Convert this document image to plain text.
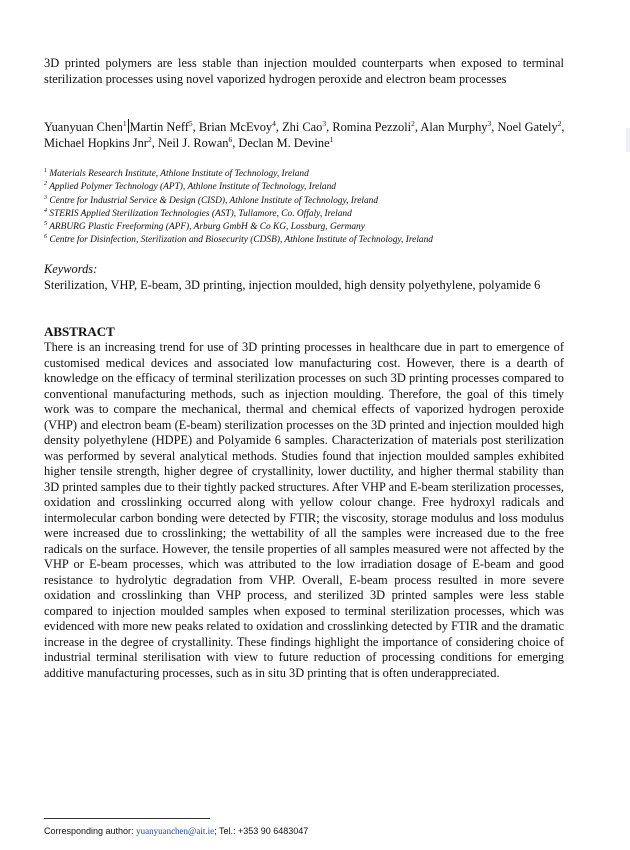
3D printed polymers are less stable than injection moulded counterparts when exposed to terminal sterilization processes using novel vaporized hydrogen peroxide and electron beam processes
Yuanyuan Chen$^1$ Martin Neff$^5$, Brian McEvoy$^4$, Zhi Cao$^3$, Romina Pezzoli$^2$, Alan Murphy$^3$, Noel Gately$^2$, Michael Hopkins Jnr$^2$, Neil J. Rowan$^6$, Declan M. Devine$^1$
$^1$ Materials Research Institute, Athlone Institute of Technology, Ireland
$^2$ Applied Polymer Technology (APT), Athlone Institute of Technology, Ireland
$^3$ Centre for Industrial Service & Design (CISD), Athlone Institute of Technology, Ireland
$^4$ STERIS Applied Sterilization Technologies (AST), Tullamore, Co. Offaly, Ireland
$^5$ ARBURG Plastic Freeforming (APF), Arburg GmbH & Co KG, Lossburg, Germany
$^6$ Centre for Disinfection, Sterilization and Biosecurity (CDSB), Athlone Institute of Technology, Ireland
Keywords:
Sterilization, VHP, E-beam, 3D printing, injection moulded, high density polyethylene, polyamide 6
ABSTRACT
There is an increasing trend for use of 3D printing processes in healthcare due in part to emergence of customised medical devices and associated low manufacturing cost. However, there is a dearth of knowledge on the efficacy of terminal sterilization processes on such 3D printing processes compared to conventional manufacturing methods, such as injection moulding. Therefore, the goal of this timely work was to compare the mechanical, thermal and chemical effects of vaporized hydrogen peroxide (VHP) and electron beam (E-beam) sterilization processes on the 3D printed and injection moulded high density polyethylene (HDPE) and Polyamide 6 samples. Characterization of materials post sterilization was performed by several analytical methods. Studies found that injection moulded samples exhibited higher tensile strength, higher degree of crystallinity, lower ductility, and higher thermal stability than 3D printed samples due to their tightly packed structures. After VHP and E-beam sterilization processes, oxidation and crosslinking occurred along with yellow colour change. Free hydroxyl radicals and intermolecular carbon bonding were detected by FTIR; the viscosity, storage modulus and loss modulus were increased due to crosslinking; the wettability of all the samples were increased due to the free radicals on the surface. However, the tensile properties of all samples measured were not affected by the VHP or E-beam processes, which was attributed to the low irradiation dosage of E-beam and good resistance to hydrolytic degradation from VHP. Overall, E-beam process resulted in more severe oxidation and crosslinking than VHP process, and sterilized 3D printed samples were less stable compared to injection moulded samples when exposed to terminal sterilization processes, which was evidenced with more new peaks related to oxidation and crosslinking detected by FTIR and the dramatic increase in the degree of crystallinity. These findings highlight the importance of considering choice of industrial terminal sterilisation with view to future reduction of processing conditions for emerging additive manufacturing processes, such as in situ 3D printing that is often underappreciated.
Corresponding author: yuanyuanchen@ait.ie; Tel.: +353 90 6483047
